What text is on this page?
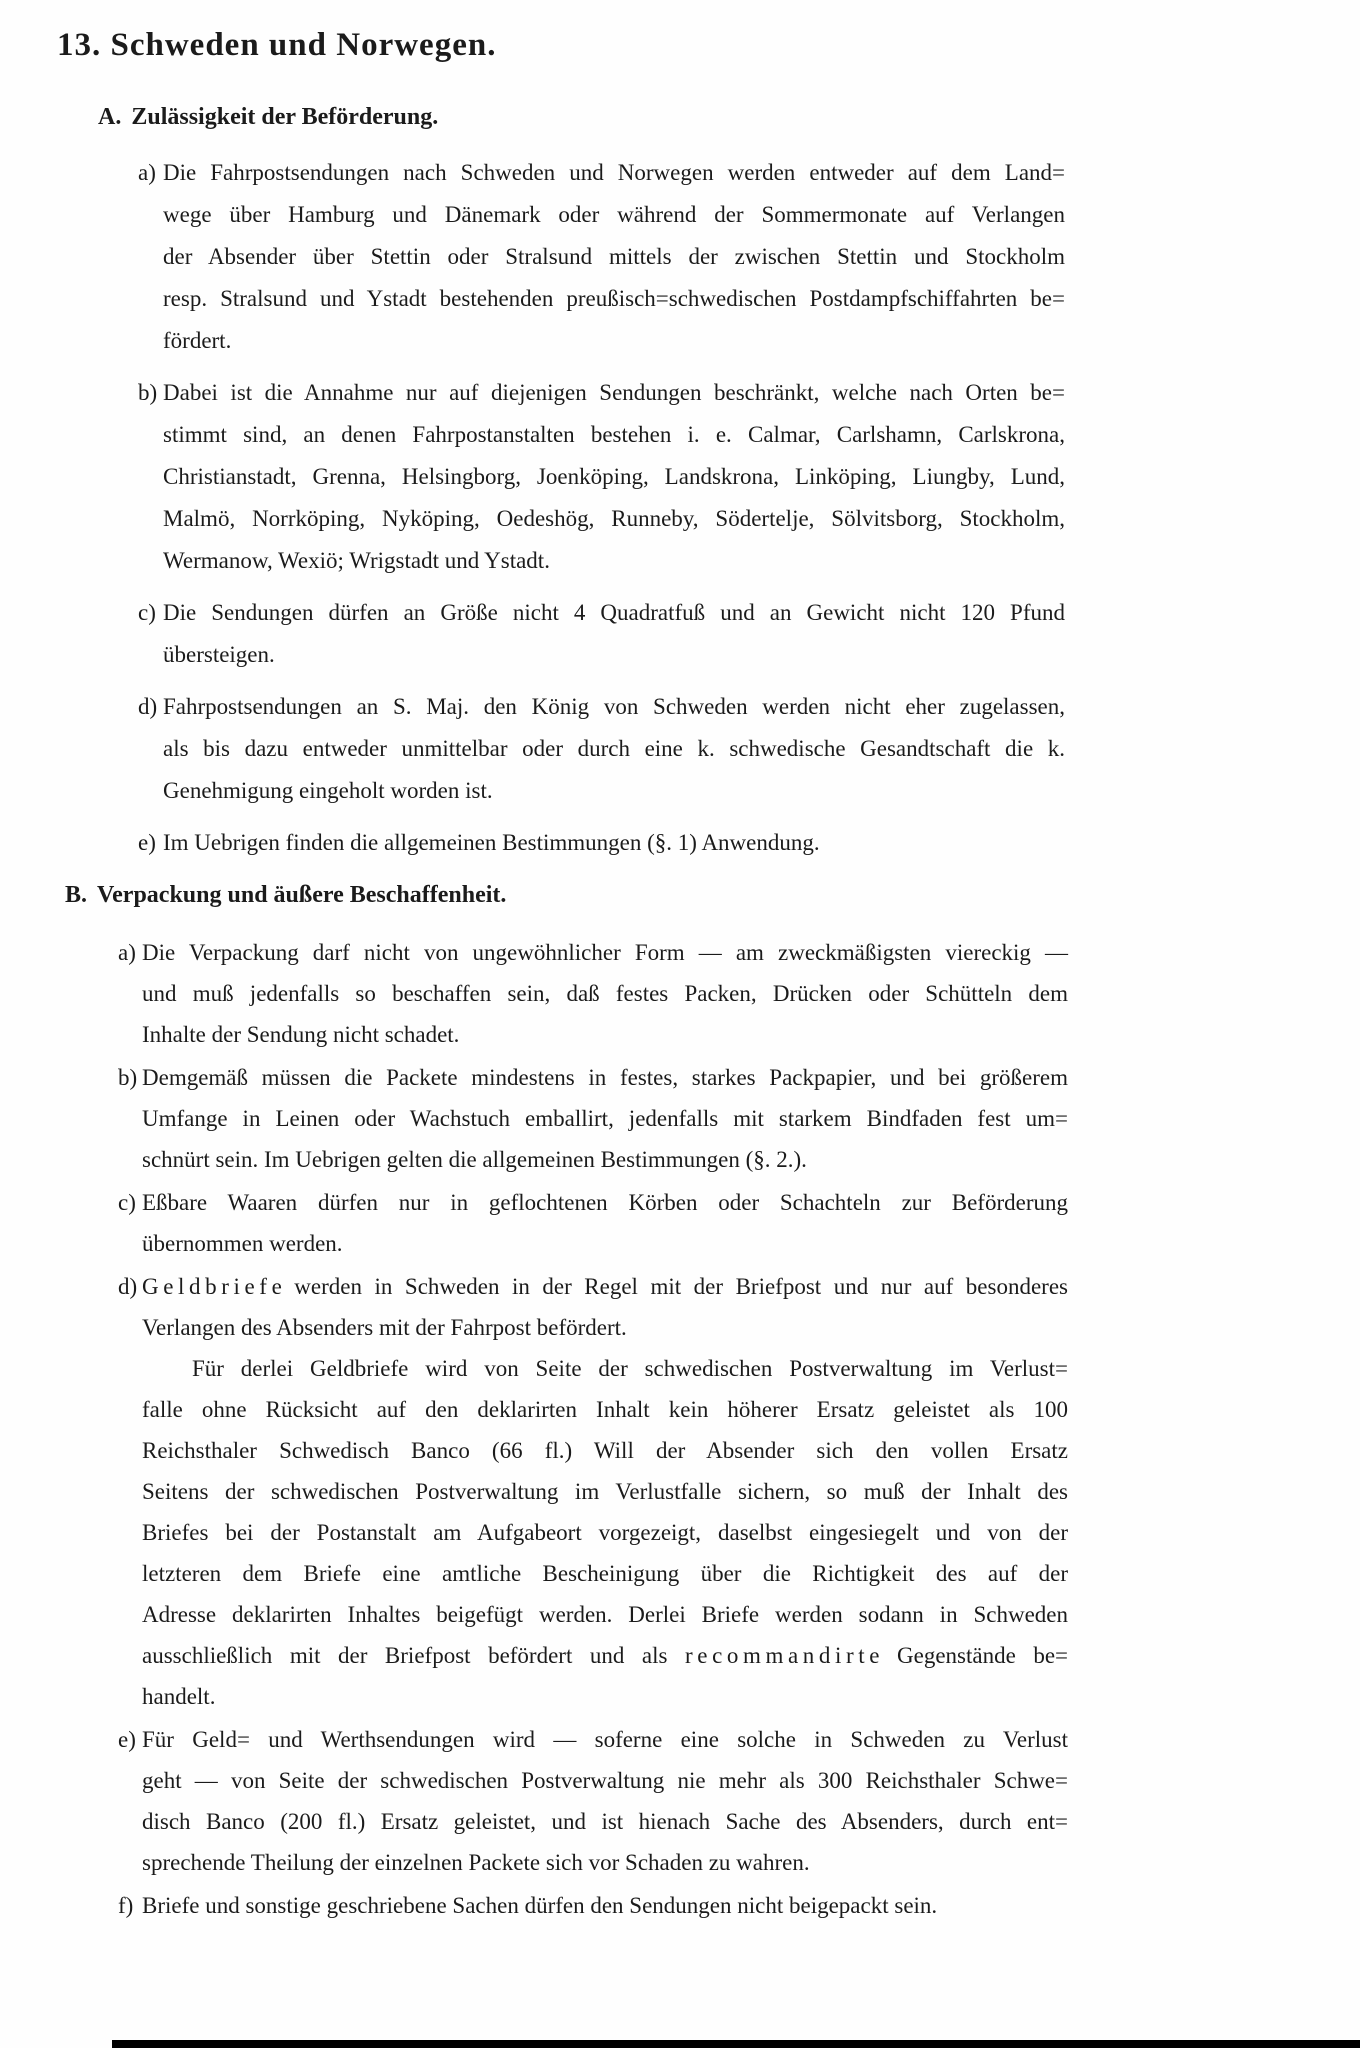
13. Schweden und Norwegen.
A. Zulässigkeit der Beförderung.
a) Die Fahrpostsendungen nach Schweden und Norwegen werden entweder auf dem Land=
wege über Hamburg und Dänemark oder während der Sommermonate auf Verlangen
der Absender über Stettin oder Stralsund mittels der zwischen Stettin und Stockholm
resp. Stralsund und Ystadt bestehenden preußisch=schwedischen Postdampfschiffahrten be=
fördert.
b) Dabei ist die Annahme nur auf diejenigen Sendungen beschränkt, welche nach Orten be=
stimmt sind, an denen Fahrpostanstalten bestehen i. e. Calmar, Carlshamn, Carlskrona,
Christianstadt, Grenna, Helsingborg, Joenköping, Landskrona, Linköping, Liungby, Lund,
Malmö, Norrköping, Nyköping, Oedeshög, Runneby, Södertelje, Sölvitsborg, Stockholm,
Wermanow, Wexiö; Wrigstadt und Ystadt.
c) Die Sendungen dürfen an Größe nicht 4 Quadratfuß und an Gewicht nicht 120 Pfund
übersteigen.
d) Fahrpostsendungen an S. Maj. den König von Schweden werden nicht eher zugelassen,
als bis dazu entweder unmittelbar oder durch eine k. schwedische Gesandtschaft die k.
Genehmigung eingeholt worden ist.
e) Im Uebrigen finden die allgemeinen Bestimmungen (§. 1) Anwendung.
B. Verpackung und äußere Beschaffenheit.
a) Die Verpackung darf nicht von ungewöhnlicher Form — am zweckmäßigsten viereckig —
und muß jedenfalls so beschaffen sein, daß festes Packen, Drücken oder Schütteln dem
Inhalte der Sendung nicht schadet.
b) Demgemäß müssen die Packete mindestens in festes, starkes Packpapier, und bei größerem
Umfange in Leinen oder Wachstuch emballirt, jedenfalls mit starkem Bindfaden fest um=
schnürt sein. Im Uebrigen gelten die allgemeinen Bestimmungen (§. 2.).
c) Eßbare Waaren dürfen nur in geflochtenen Körben oder Schachteln zur Beförderung
übernommen werden.
d) G e l d b r i e f e werden in Schweden in der Regel mit der Briefpost und nur auf besonderes
Verlangen des Absenders mit der Fahrpost befördert.
Für derlei Geldbriefe wird von Seite der schwedischen Postverwaltung im Verlust=
falle ohne Rücksicht auf den deklarirten Inhalt kein höherer Ersatz geleistet als 100
Reichsthaler Schwedisch Banco (66 fl.) Will der Absender sich den vollen Ersatz
Seitens der schwedischen Postverwaltung im Verlustfalle sichern, so muß der Inhalt des
Briefes bei der Postanstalt am Aufgabeort vorgezeigt, daselbst eingesiegelt und von der
letzteren dem Briefe eine amtliche Bescheinigung über die Richtigkeit des auf der
Adresse deklarirten Inhaltes beigefügt werden. Derlei Briefe werden sodann in Schweden
ausschließlich mit der Briefpost befördert und als r e c o m m a n d i r t e Gegenstände be=
handelt.
e) Für Geld= und Werthsendungen wird — soferne eine solche in Schweden zu Verlust
geht — von Seite der schwedischen Postverwaltung nie mehr als 300 Reichsthaler Schwe=
disch Banco (200 fl.) Ersatz geleistet, und ist hienach Sache des Absenders, durch ent=
sprechende Theilung der einzelnen Packete sich vor Schaden zu wahren.
f) Briefe und sonstige geschriebene Sachen dürfen den Sendungen nicht beigepackt sein.
